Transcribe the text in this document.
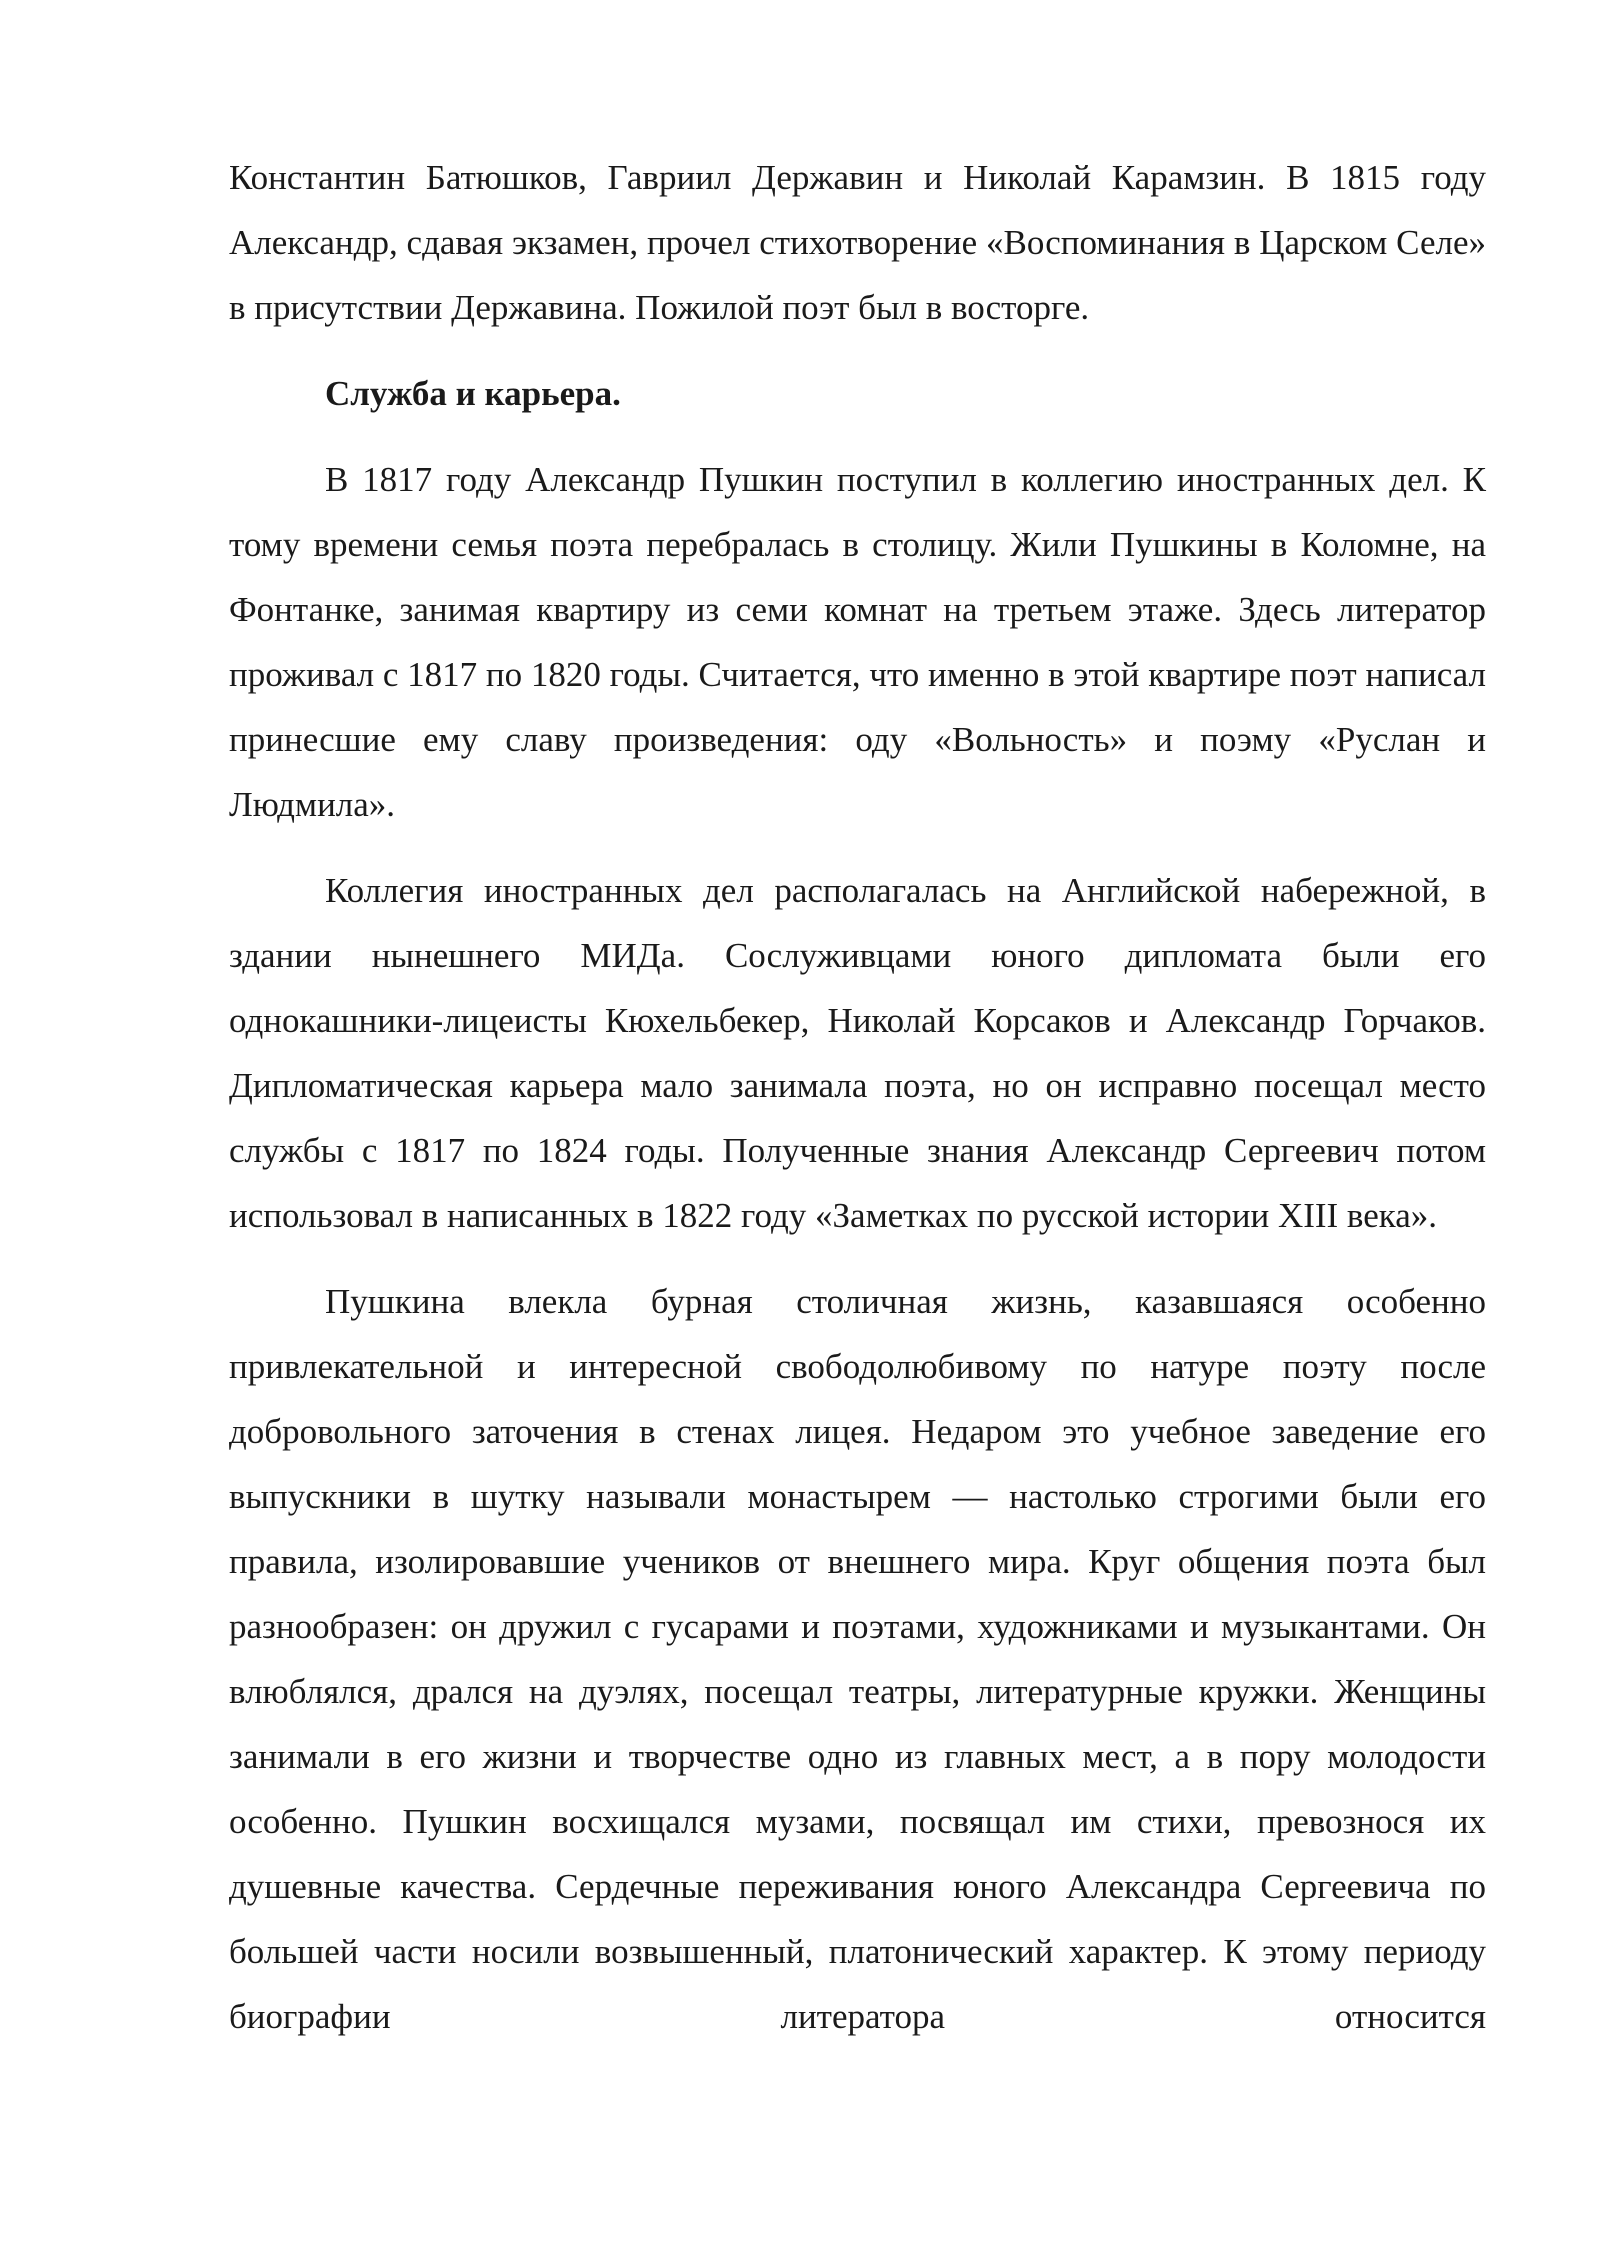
Константин Батюшков, Гавриил Державин и Николай Карамзин. В 1815 году Александр, сдавая экзамен, прочел стихотворение «Воспоминания в Царском Селе» в присутствии Державина. Пожилой поэт был в восторге.

Служба и карьера.

В 1817 году Александр Пушкин поступил в коллегию иностранных дел. К тому времени семья поэта перебралась в столицу. Жили Пушкины в Коломне, на Фонтанке, занимая квартиру из семи комнат на третьем этаже. Здесь литератор проживал с 1817 по 1820 годы. Считается, что именно в этой квартире поэт написал принесшие ему славу произведения: оду «Вольность» и поэму «Руслан и Людмила».

Коллегия иностранных дел располагалась на Английской набережной, в здании нынешнего МИДа. Сослуживцами юного дипломата были его однокашники-лицеисты Кюхельбекер, Николай Корсаков и Александр Горчаков. Дипломатическая карьера мало занимала поэта, но он исправно посещал место службы с 1817 по 1824 годы. Полученные знания Александр Сергеевич потом использовал в написанных в 1822 году «Заметках по русской истории XIII века».

Пушкина влекла бурная столичная жизнь, казавшаяся особенно привлекательной и интересной свободолюбивому по натуре поэту после добровольного заточения в стенах лицея. Недаром это учебное заведение его выпускники в шутку называли монастырем — настолько строгими были его правила, изолировавшие учеников от внешнего мира. Круг общения поэта был разнообразен: он дружил с гусарами и поэтами, художниками и музыкантами. Он влюблялся, дрался на дуэлях, посещал театры, литературные кружки. Женщины занимали в его жизни и творчестве одно из главных мест, а в пору молодости особенно. Пушкин восхищался музами, посвящал им стихи, превозноcя их душевные качества. Сердечные переживания юного Александра Сергеевича по большей части носили возвышенный, платонический характер. К этому периоду биографии литератора относится
